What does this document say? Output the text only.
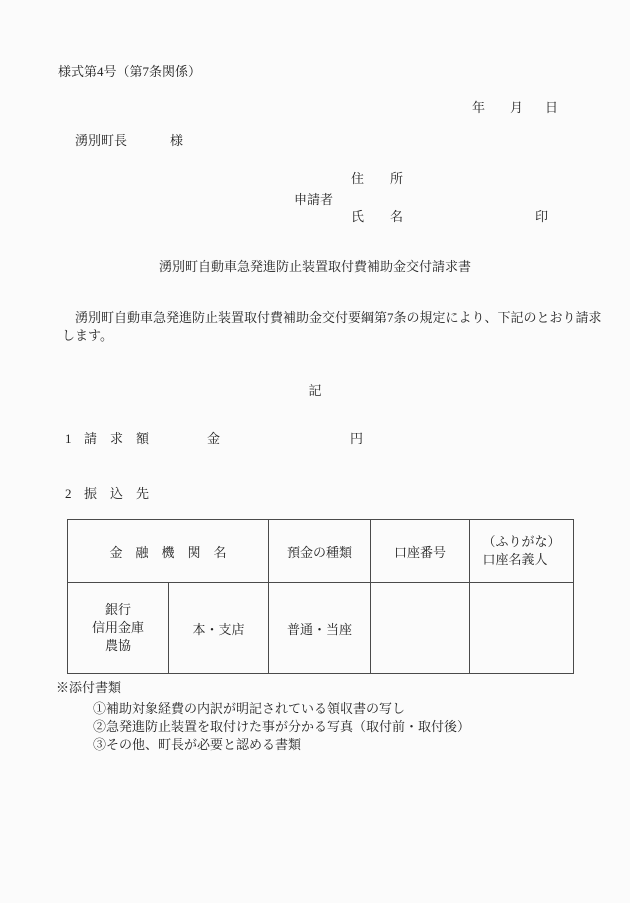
様式第4号（第7条関係）
年 月 日
湧別町長	様
住　　所
申請者
氏　　名	印
湧別町自動車急発進防止装置取付費補助金交付請求書
　湧別町自動車急発進防止装置取付費補助金交付要綱第7条の規定により、下記のとおり請求
します。
記
1 請　求　額	金	円
2 振　込　先
金　融　機　関　名		預金の種類	口座番号	（ふりがな）
口座名義人

銀行
信用金庫
農協	本・支店	普通・当座		
※添付書類
①補助対象経費の内訳が明記されている領収書の写し
②急発進防止装置を取付けた事が分かる写真（取付前・取付後）
③その他、町長が必要と認める書類
